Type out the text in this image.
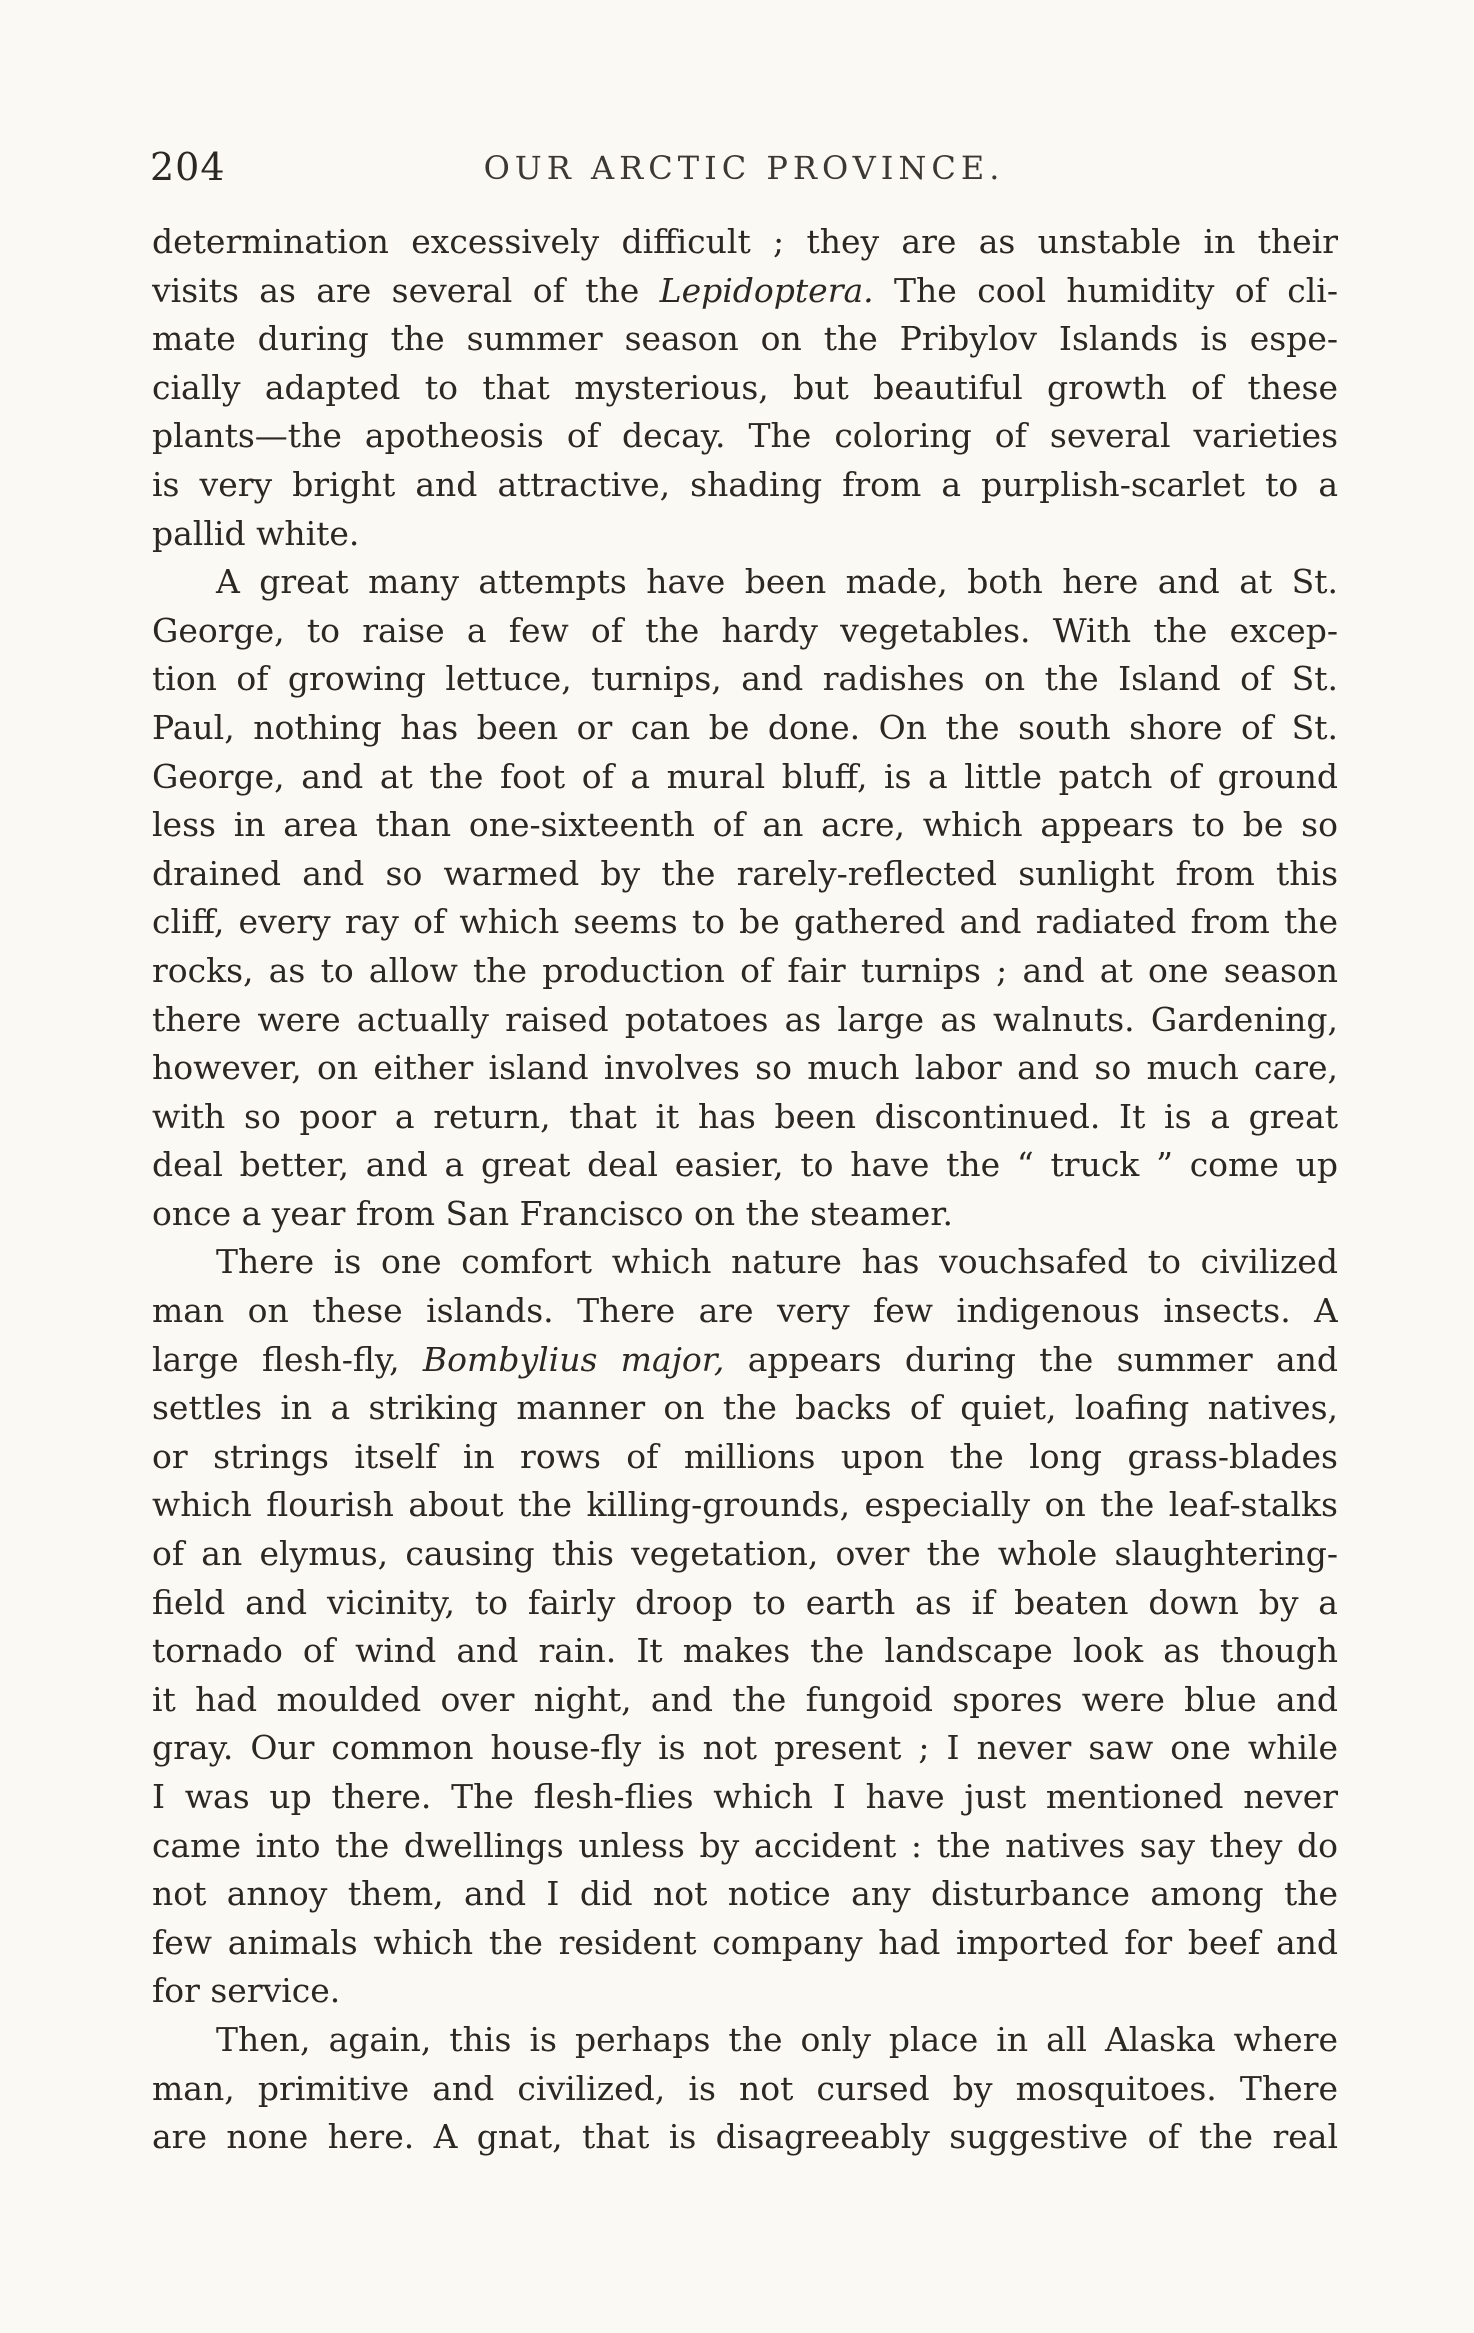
204	OUR ARCTIC PROVINCE.
determination excessively difficult ; they are as unstable in their
visits as are several of the Lepidoptera. The cool humidity of cli-
mate during the summer season on the Pribylov Islands is espe-
cially adapted to that mysterious, but beautiful growth of these
plants—the apotheosis of decay. The coloring of several varieties
is very bright and attractive, shading from a purplish-scarlet to a
pallid white.
A great many attempts have been made, both here and at St.
George, to raise a few of the hardy vegetables. With the excep-
tion of growing lettuce, turnips, and radishes on the Island of St.
Paul, nothing has been or can be done. On the south shore of St.
George, and at the foot of a mural bluff, is a little patch of ground
less in area than one-sixteenth of an acre, which appears to be so
drained and so warmed by the rarely-reflected sunlight from this
cliff, every ray of which seems to be gathered and radiated from the
rocks, as to allow the production of fair turnips ; and at one season
there were actually raised potatoes as large as walnuts. Gardening,
however, on either island involves so much labor and so much care,
with so poor a return, that it has been discontinued. It is a great
deal better, and a great deal easier, to have the “ truck ” come up
once a year from San Francisco on the steamer.
There is one comfort which nature has vouchsafed to civilized
man on these islands. There are very few indigenous insects. A
large flesh-fly, Bombylius major, appears during the summer and
settles in a striking manner on the backs of quiet, loafing natives,
or strings itself in rows of millions upon the long grass-blades
which flourish about the killing-grounds, especially on the leaf-stalks
of an elymus, causing this vegetation, over the whole slaughtering-
field and vicinity, to fairly droop to earth as if beaten down by a
tornado of wind and rain. It makes the landscape look as though
it had moulded over night, and the fungoid spores were blue and
gray. Our common house-fly is not present ; I never saw one while
I was up there. The flesh-flies which I have just mentioned never
came into the dwellings unless by accident : the natives say they do
not annoy them, and I did not notice any disturbance among the
few animals which the resident company had imported for beef and
for service.
Then, again, this is perhaps the only place in all Alaska where
man, primitive and civilized, is not cursed by mosquitoes. There
are none here. A gnat, that is disagreeably suggestive of the real
